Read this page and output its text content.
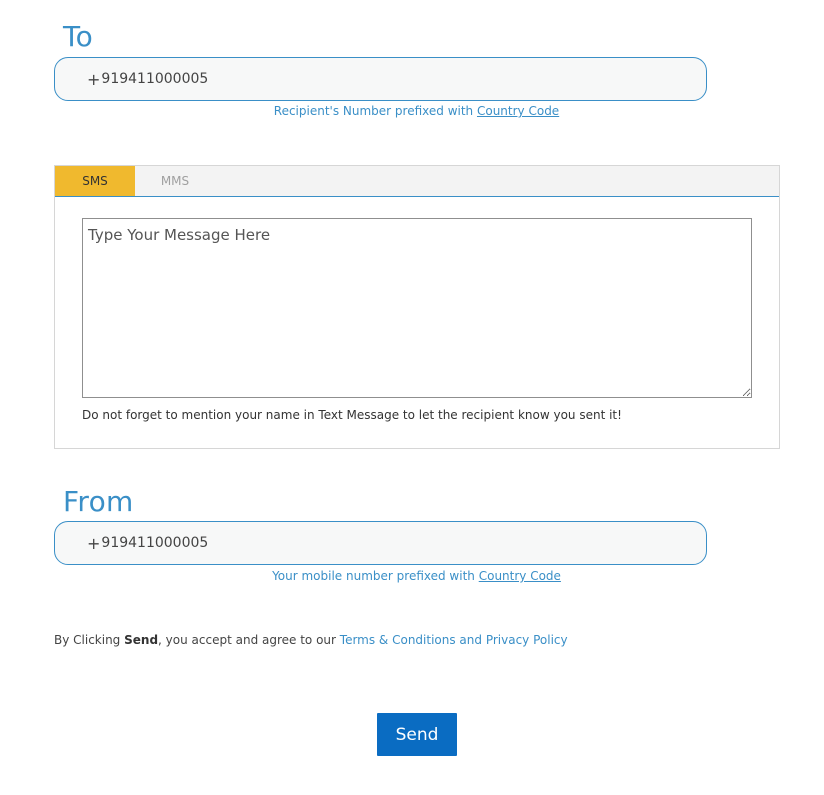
To
+
919411000005
Recipient's Number prefixed with Country Code
SMS	MMS
Type Your Message Here
Do not forget to mention your name in Text Message to let the recipient know you sent it!
From
+
919411000005
Your mobile number prefixed with Country Code
By Clicking Send, you accept and agree to our Terms & Conditions and Privacy Policy
Send
